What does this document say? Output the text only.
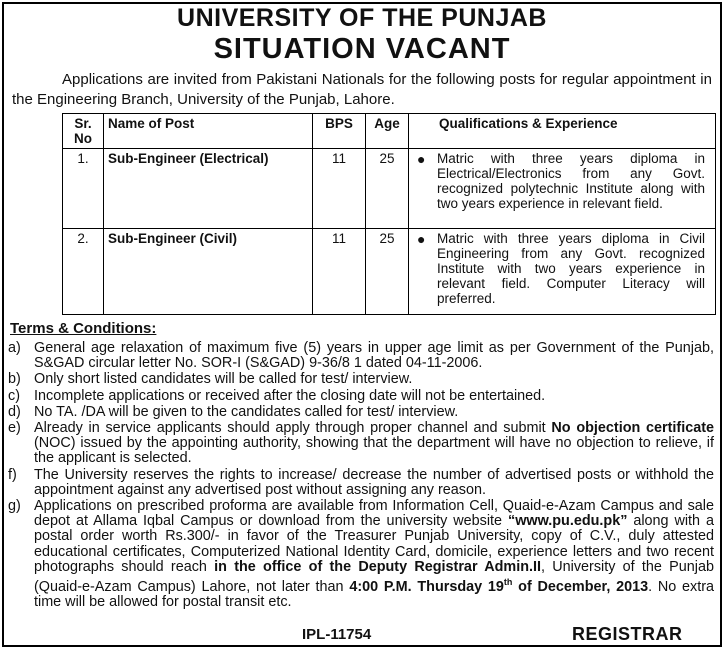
UNIVERSITY OF THE PUNJAB
SITUATION VACANT
Applications are invited from Pakistani Nationals for the following posts for regular appointment in the Engineering Branch, University of the Punjab, Lahore.
Sr. No	Name of Post	BPS	Age	Qualifications & Experience
1.	Sub-Engineer (Electrical)	11	25	● Matric with three years diploma in Electrical/Electronics from any Govt. recognized polytechnic Institute along with two years experience in relevant field.

2.	Sub-Engineer (Civil)	11	25	● Matric with three years diploma in Civil Engineering from any Govt. recognized Institute with two years experience in relevant field. Computer Literacy will preferred.
Terms & Conditions:
a) General age relaxation of maximum five (5) years in upper age limit as per Government of the Punjab, S&GAD circular letter No. SOR-I (S&GAD) 9-36/8 1 dated 04-11-2006.
b) Only short listed candidates will be called for test/ interview.
c) Incomplete applications or received after the closing date will not be entertained.
d) No TA. /DA will be given to the candidates called for test/ interview.
e) Already in service applicants should apply through proper channel and submit No objection certificate (NOC) issued by the appointing authority, showing that the department will have no objection to relieve, if the applicant is selected.
f)	The University reserves the rights to increase/ decrease the number of advertised posts or withhold the appointment against any advertised post without assigning any reason.
g) Applications on prescribed proforma are available from Information Cell, Quaid-e-Azam Campus and sale depot at Allama Iqbal Campus or download from the university website “www.pu.edu.pk” along with a postal order worth Rs.300/- in favor of the Treasurer Punjab University, copy of C.V., duly attested educational certificates, Computerized National Identity Card, domicile, experience letters and two recent photographs should reach in the office of the Deputy Registrar Admin.II, University of the Punjab (Quaid-e-Azam Campus) Lahore, not later than 4:00 P.M. Thursday 19th of December, 2013. No extra time will be allowed for postal transit etc.
IPL-11754	REGISTRAR
